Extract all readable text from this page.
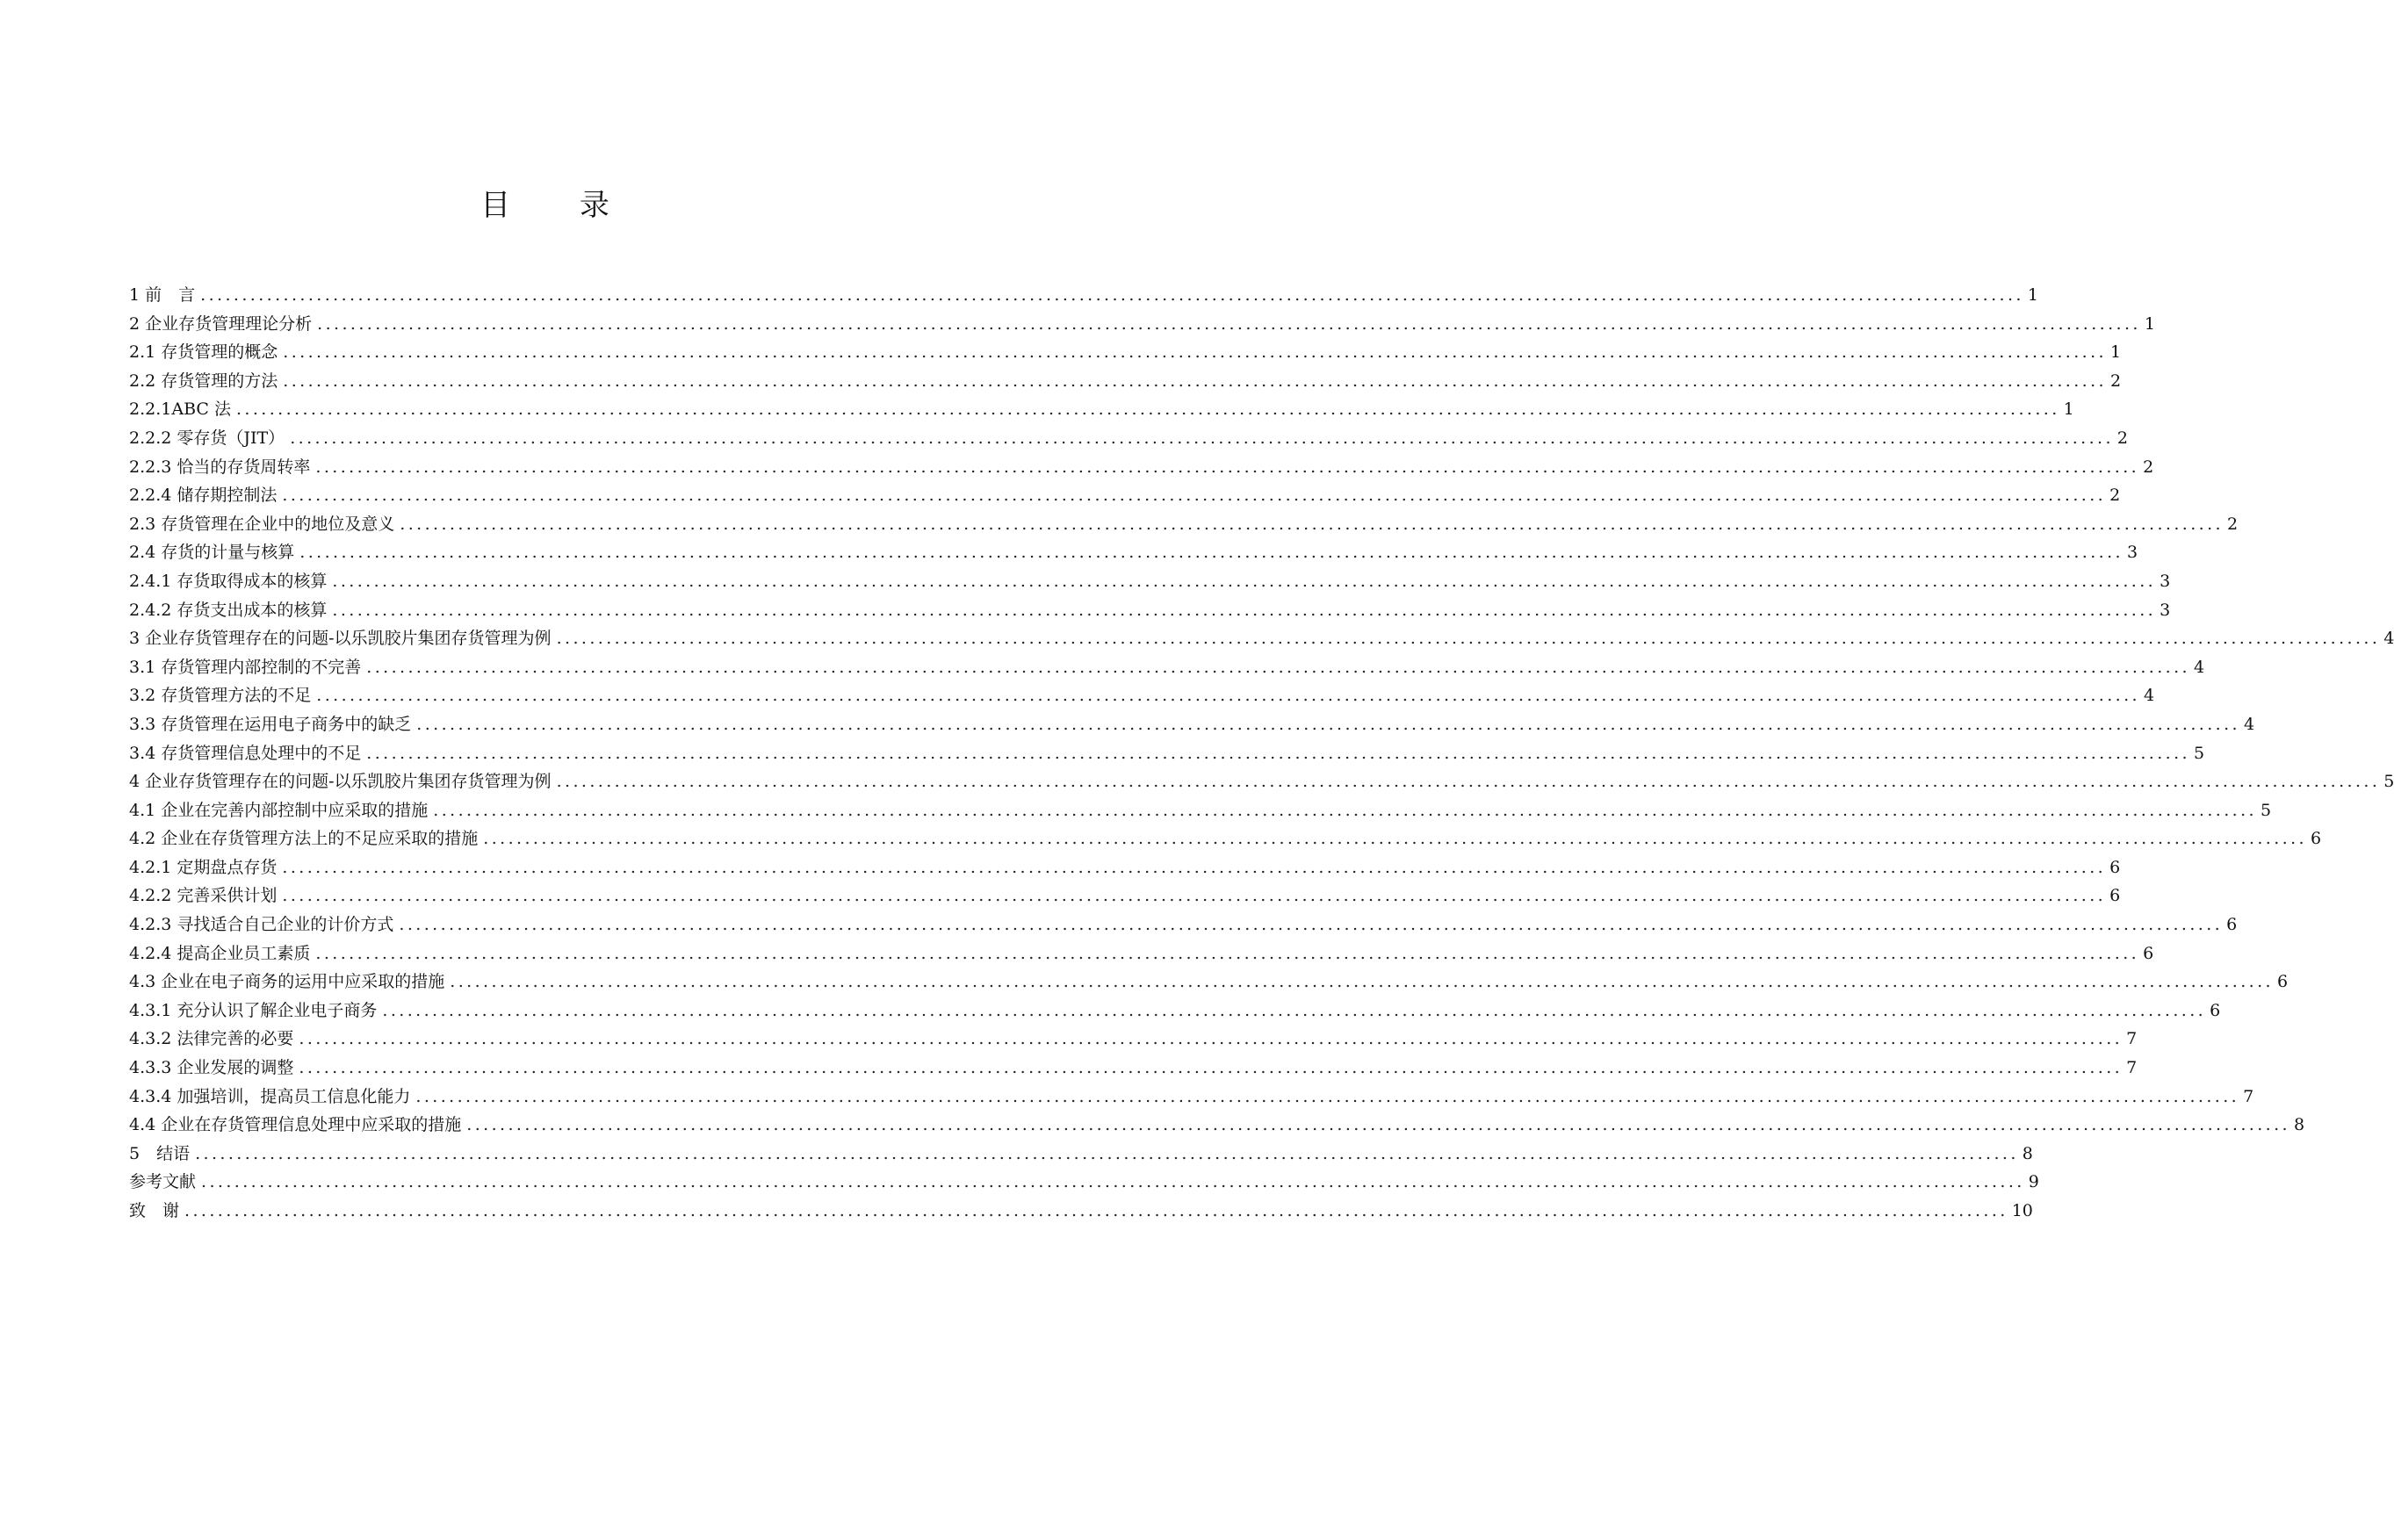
目 录
1 前　言 ............................................................................................................................................................................................................................ 1
2 企业存货管理理论分析 ............................................................................................................................................................................................................................ 1
2.1 存货管理的概念 ............................................................................................................................................................................................................................ 1
2.2 存货管理的方法 ............................................................................................................................................................................................................................ 2
2.2.1ABC 法 ............................................................................................................................................................................................................................ 1
2.2.2 零存货（JIT） ............................................................................................................................................................................................................................ 2
2.2.3 恰当的存货周转率 ............................................................................................................................................................................................................................ 2
2.2.4 储存期控制法 ............................................................................................................................................................................................................................ 2
2.3 存货管理在企业中的地位及意义 ............................................................................................................................................................................................................................ 2
2.4 存货的计量与核算 ............................................................................................................................................................................................................................ 3
2.4.1 存货取得成本的核算 ............................................................................................................................................................................................................................ 3
2.4.2 存货支出成本的核算 ............................................................................................................................................................................................................................ 3
3 企业存货管理存在的问题-以乐凯胶片集团存货管理为例 ............................................................................................................................................................................................................................ 4
3.1 存货管理内部控制的不完善 ............................................................................................................................................................................................................................ 4
3.2 存货管理方法的不足 ............................................................................................................................................................................................................................ 4
3.3 存货管理在运用电子商务中的缺乏 ............................................................................................................................................................................................................................ 4
3.4 存货管理信息处理中的不足 ............................................................................................................................................................................................................................ 5
4 企业存货管理存在的问题-以乐凯胶片集团存货管理为例 ............................................................................................................................................................................................................................ 5
4.1 企业在完善内部控制中应采取的措施 ............................................................................................................................................................................................................................ 5
4.2 企业在存货管理方法上的不足应采取的措施 ............................................................................................................................................................................................................................ 6
4.2.1 定期盘点存货 ............................................................................................................................................................................................................................ 6
4.2.2 完善采供计划 ............................................................................................................................................................................................................................ 6
4.2.3 寻找适合自己企业的计价方式 ............................................................................................................................................................................................................................ 6
4.2.4 提高企业员工素质 ............................................................................................................................................................................................................................ 6
4.3 企业在电子商务的运用中应采取的措施 ............................................................................................................................................................................................................................ 6
4.3.1 充分认识了解企业电子商务 ............................................................................................................................................................................................................................ 6
4.3.2 法律完善的必要 ............................................................................................................................................................................................................................ 7
4.3.3 企业发展的调整 ............................................................................................................................................................................................................................ 7
4.3.4 加强培训，提高员工信息化能力 ............................................................................................................................................................................................................................ 7
4.4 企业在存货管理信息处理中应采取的措施 ............................................................................................................................................................................................................................ 8
5　结语 ............................................................................................................................................................................................................................ 8
参考文献 ............................................................................................................................................................................................................................ 9
致　谢 ............................................................................................................................................................................................................................ 10
